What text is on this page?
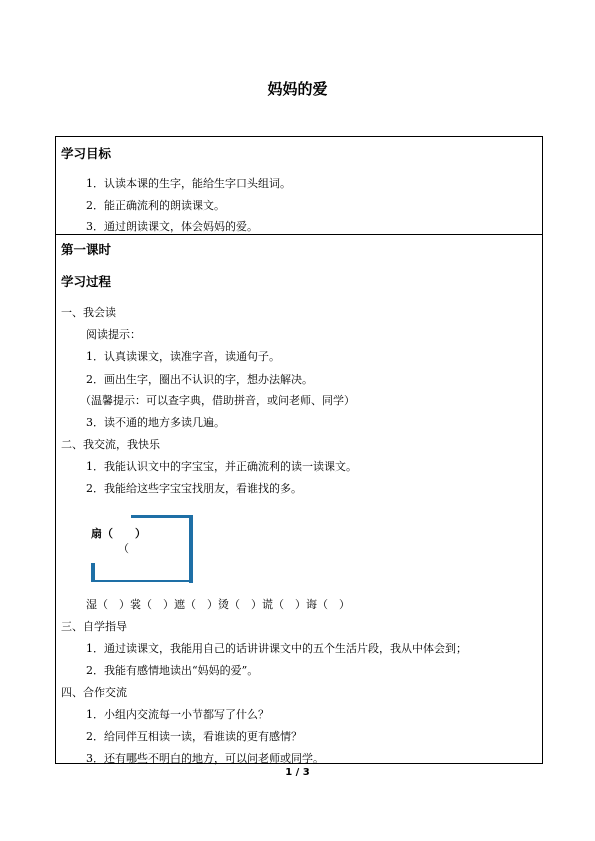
妈妈的爱
学习目标
1．认读本课的生字，能给生字口头组词。
2．能正确流利的朗读课文。
3．通过朗读课文，体会妈妈的爱。
第一课时
学习过程
一、我会读
阅读提示：
1．认真读课文，读准字音，读通句子。
2．画出生字，圈出不认识的字，想办法解决。
（温馨提示：可以查字典，借助拼音，或问老师、同学）
3．读不通的地方多读几遍。
二、我交流，我快乐
1．我能认识文中的字宝宝，并正确流利的读一读课文。
2．我能给这些字宝宝找朋友，看谁找的多。
扇（　　）
（
湿（　）裳（　）遮（　）烫（　）谎（　）诲（　）
三、自学指导
1．通过读课文，我能用自己的话讲讲课文中的五个生活片段，我从中体会到；
2．我能有感情地读出“妈妈的爱”。
四、合作交流
1．小组内交流每一小节都写了什么？
2．给同伴互相读一读，看谁读的更有感情？
3．还有哪些不明白的地方，可以问老师或同学。
1 / 3
